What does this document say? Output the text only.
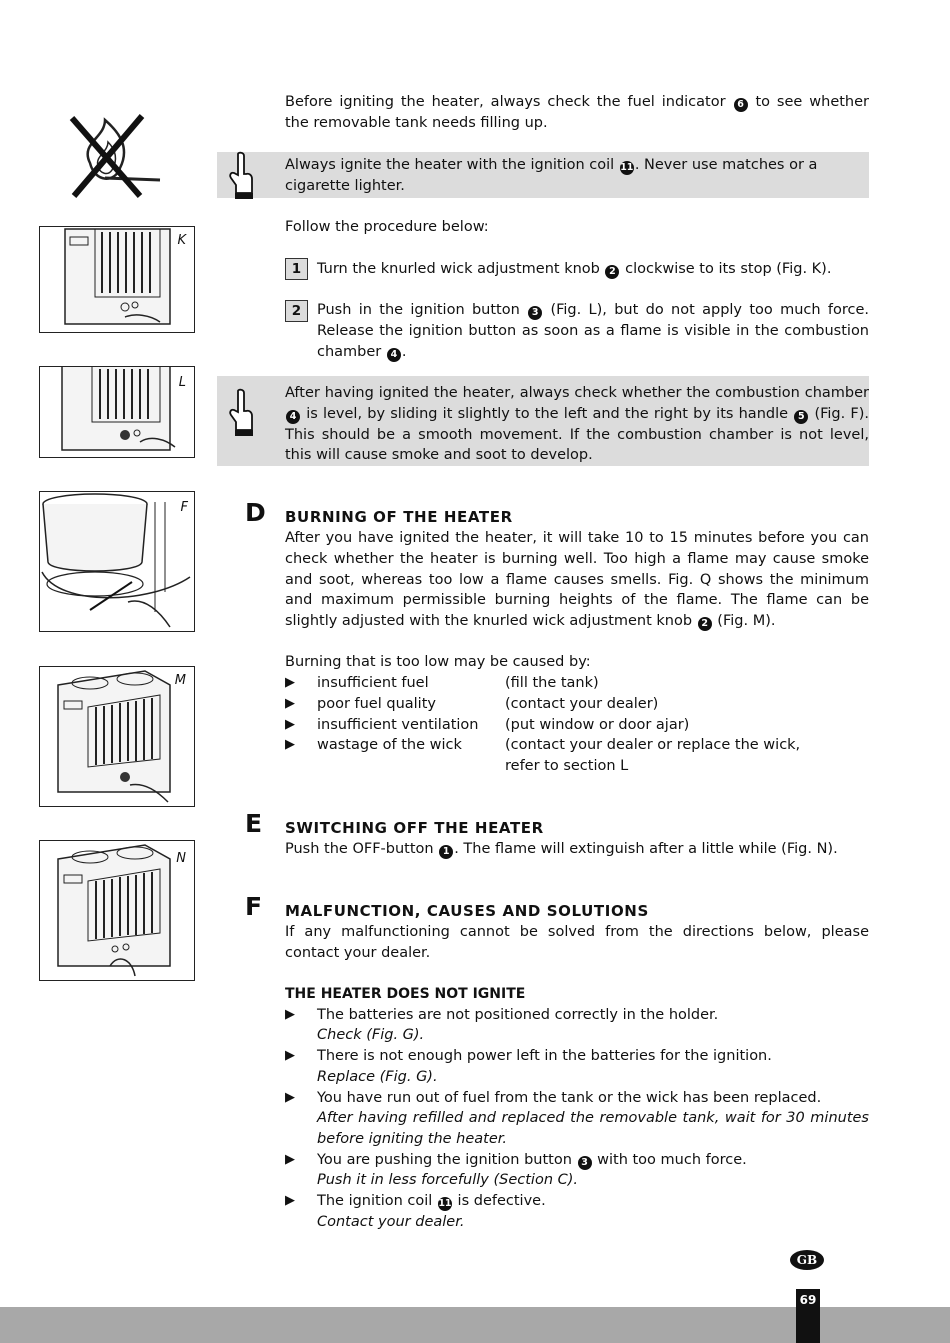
Before igniting the heater, always check the fuel indicator 6 to see whether the removable tank needs filling up.
Always ignite the heater with the ignition coil 11. Never use matches or a cigarette lighter.
Follow the procedure below:
1	Turn the knurled wick adjustment knob 2 clockwise to its stop (Fig. K).
2	Push in the ignition button 3 (Fig. L), but do not apply too much force. Release the ignition button as soon as a flame is visible in the combustion chamber 4 .
After having ignited the heater, always check whether the combustion chamber 4 is level, by sliding it slightly to the left and the right by its handle 5 (Fig. F). This should be a smooth movement. If the combustion chamber is not level, this will cause smoke and soot to develop.
D BURNING OF THE HEATER
After you have ignited the heater, it will take 10 to 15 minutes before you can check whether the heater is burning well. Too high a flame may cause smoke and soot, whereas too low a flame causes smells. Fig. Q shows the minimum and maximum permissible burning heights of the flame. The flame can be slightly adjusted with the knurled wick adjustment knob 2 (Fig. M).
Burning that is too low may be caused by:
▶ insufficient fuel	(fill the tank)
▶ poor fuel quality	(contact your dealer)
▶ insufficient ventilation (put window or door ajar)
▶ wastage of the wick	(contact your dealer or replace the wick,
refer to section L
E SWITCHING OFF THE HEATER
Push the OFF-button 1 . The flame will extinguish after a little while (Fig. N).
F MALFUNCTION, CAUSES AND SOLUTIONS
If any malfunctioning cannot be solved from the directions below, please contact your dealer.
THE HEATER DOES NOT IGNITE
▶ The batteries are not positioned correctly in the holder.
Check (Fig. G).
▶ There is not enough power left in the batteries for the ignition.
Replace (Fig. G).
▶ You have run out of fuel from the tank or the wick has been replaced.
After having refilled and replaced the removable tank, wait for 30 minutes before igniting the heater.
▶ You are pushing the ignition button 3 with too much force.
Push it in less forcefully (Section C).
▶ The ignition coil 11 is defective.
Contact your dealer.
K
L
F
M
N
GB
69
